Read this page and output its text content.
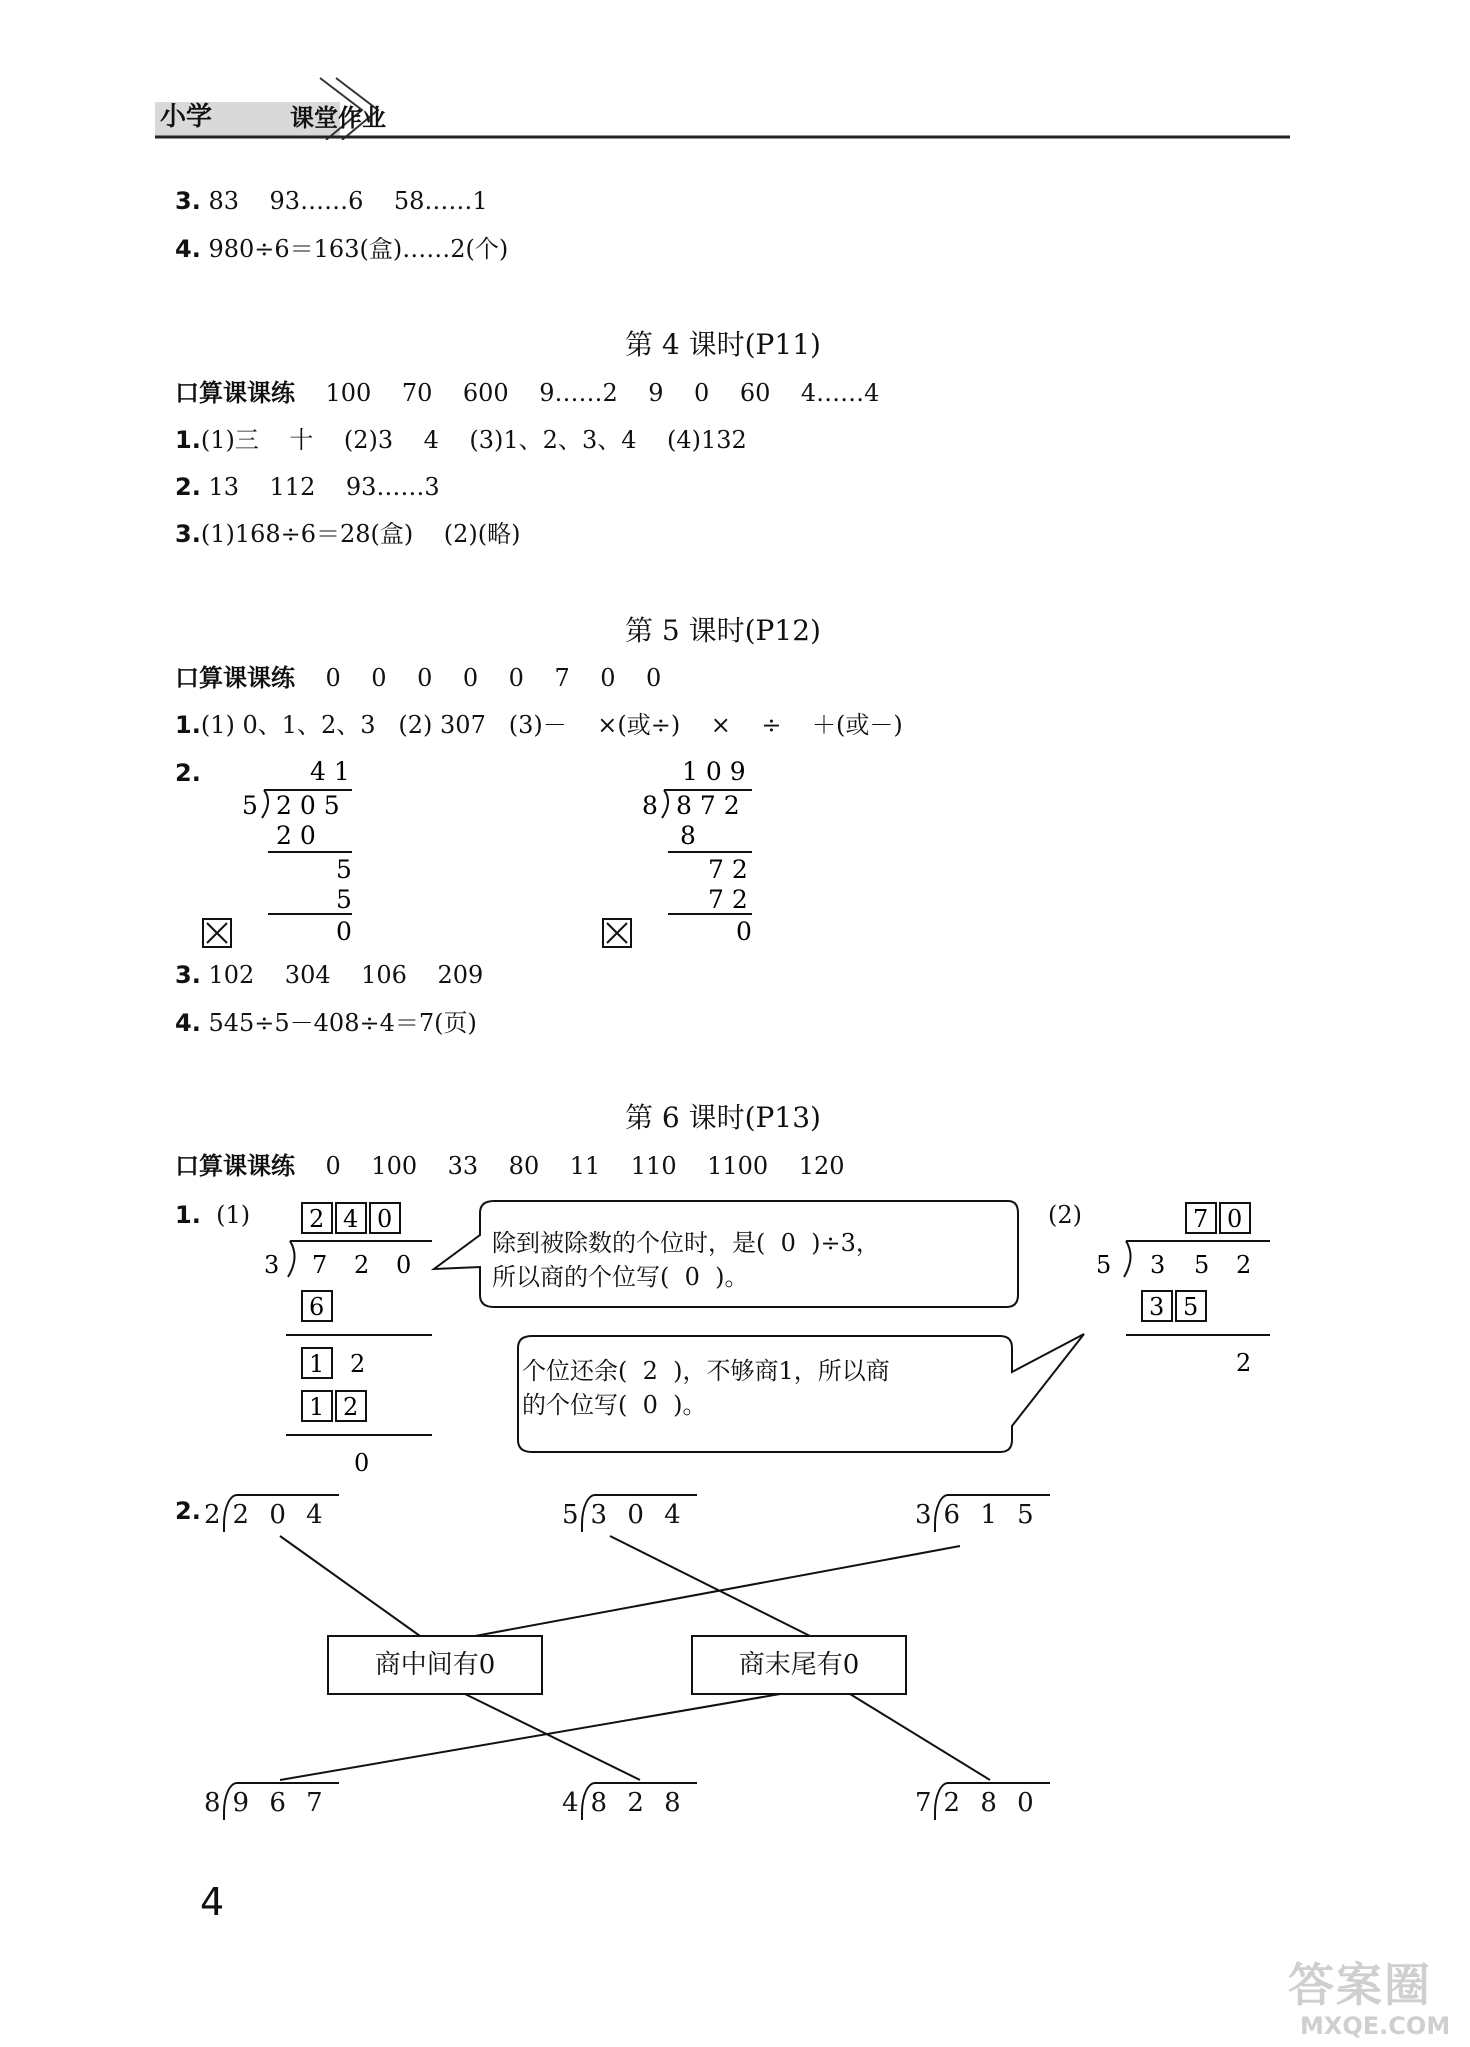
小学	课堂作业
3. 83    93……6    58……1
4. 980÷6＝163(盒)……2(个)
第 4 课时(P11)
口算课课练 100    70    600    9……2    9    0    60    4……4
1.(1)三    十    (2)3    4    (3)1、2、3、4    (4)132
2. 13    112    93……3
3.(1)168÷6＝28(盒)    (2)(略)
第 5 课时(P12)
口算课课练 0    0    0    0    0    7    0    0
1.(1) 0、1、2、3   (2) 307   (3)－    ×(或÷)    ×    ÷    ＋(或－)
2.	41
5 205
20
5
5
0
109
8 872
8
72
72
0
3. 102    304    106    209
4. 545÷5－408÷4＝7(页)
第 6 课时(P13)
口算课课练 0    100    33    80    11    110    1100    120
1. (1) 2 4 0
3 7 2 0
6
1 2
1 2
0
除到被除数的个位时，是(  0  )÷3，
所以商的个位写(  0  )。
个位还余(  2  )，不够商1，所以商
的个位写(  0  )。
(2)	7 0
5 3 5 2
3 5
2
2.
商中间有0	商末尾有0
2 2 0 4	5 3 0 4	3 6 1 5
8 9 6 7	4 8 2 8	7 2 8 0
4
答案圈
MXQE.COM
